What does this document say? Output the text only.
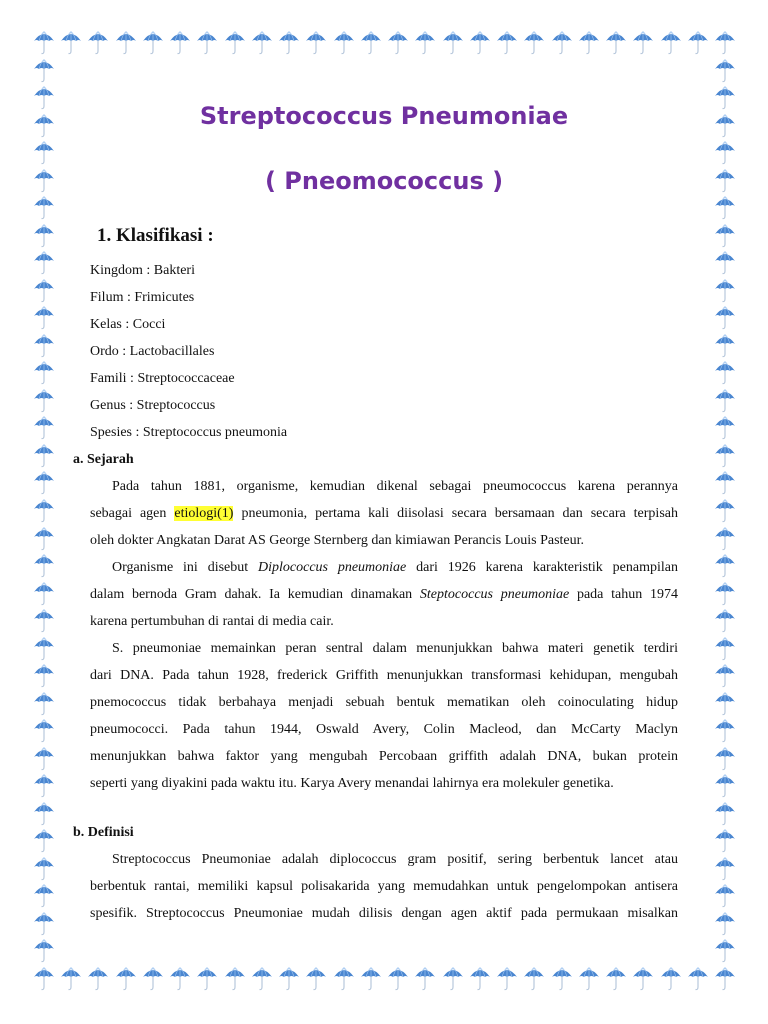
Streptococcus Pneumoniae
( Pneomococcus )
1. Klasifikasi :
Kingdom : Bakteri
Filum : Frimicutes
Kelas : Cocci
Ordo : Lactobacillales
Famili : Streptococcaceae
Genus : Streptococcus
Spesies : Streptococcus pneumonia
a. Sejarah
Pada tahun 1881, organisme, kemudian dikenal sebagai pneumococcus karena perannya
sebagai agen etiologi(1) pneumonia, pertama kali diisolasi secara bersamaan dan secara terpisah
oleh dokter Angkatan Darat AS George Sternberg dan kimiawan Perancis Louis Pasteur.
Organisme ini disebut Diplococcus pneumoniae dari 1926 karena karakteristik penampilan
dalam bernoda Gram dahak. Ia kemudian dinamakan Steptococcus pneumoniae pada tahun 1974
karena pertumbuhan di rantai di media cair.
S. pneumoniae memainkan peran sentral dalam menunjukkan bahwa materi genetik terdiri
dari DNA. Pada tahun 1928, frederick Griffith menunjukkan transformasi kehidupan, mengubah
pnemococcus tidak berbahaya menjadi sebuah bentuk mematikan oleh coinoculating hidup
pneumococci. Pada tahun 1944, Oswald Avery, Colin Macleod, dan McCarty Maclyn
menunjukkan bahwa faktor yang mengubah Percobaan griffith adalah DNA, bukan protein
seperti yang diyakini pada waktu itu. Karya Avery menandai lahirnya era molekuler genetika.
b. Definisi
Streptococcus Pneumoniae adalah diplococcus gram positif, sering berbentuk lancet atau
berbentuk rantai, memiliki kapsul polisakarida yang memudahkan untuk pengelompokan antisera
spesifik. Streptococcus Pneumoniae mudah dilisis dengan agen aktif pada permukaan misalkan
